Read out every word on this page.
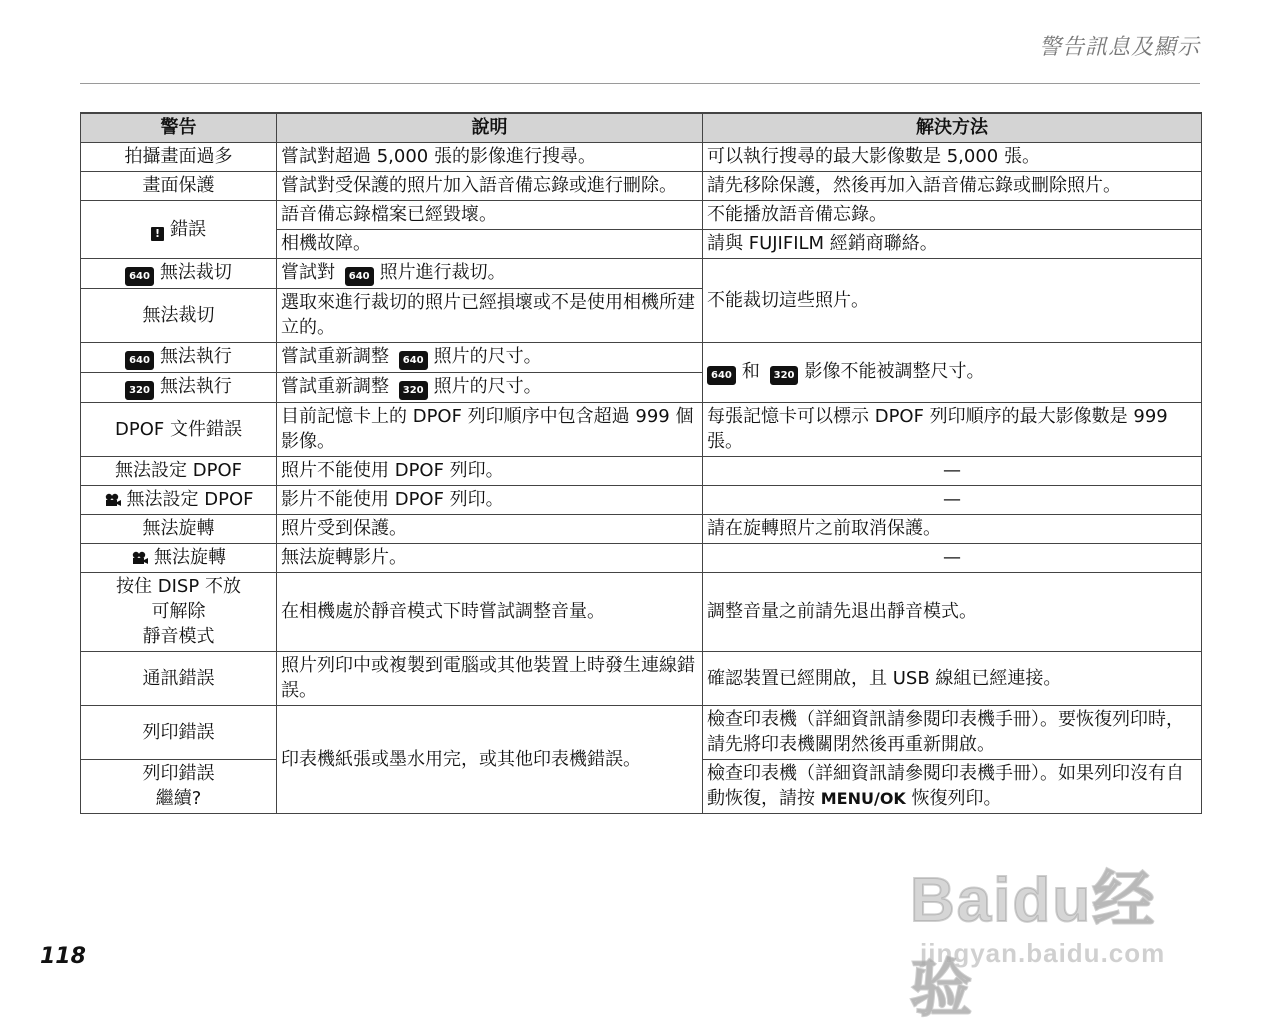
警告訊息及顯示
警告	說明	解決方法
拍攝畫面過多	嘗試對超過 5,000 張的影像進行搜尋。	可以執行搜尋的最大影像數是 5,000 張。
畫面保護	嘗試對受保護的照片加入語音備忘錄或進行刪除。	請先移除保護，然後再加入語音備忘錄或刪除照片。
! 錯誤	語音備忘錄檔案已經毀壞。	不能播放語音備忘錄。
	相機故障。	請與 FUJIFILM 經銷商聯絡。
640 無法裁切	嘗試對 640 照片進行裁切。	不能裁切這些照片。
無法裁切	選取來進行裁切的照片已經損壞或不是使用相機所建立的。	
640 無法執行	嘗試重新調整 640 照片的尺寸。	640 和 320 影像不能被調整尺寸。
320 無法執行	嘗試重新調整 320 照片的尺寸。	
DPOF 文件錯誤	目前記憶卡上的 DPOF 列印順序中包含超過 999 個影像。	每張記憶卡可以標示 DPOF 列印順序的最大影像數是 999 張。
無法設定 DPOF	照片不能使用 DPOF 列印。	—

無法設定 DPOF	影片不能使用 DPOF 列印。	—
無法旋轉	照片受到保護。	請在旋轉照片之前取消保護。

無法旋轉	無法旋轉影片。	—

按住 DISP 不放
可解除
靜音模式	在相機處於靜音模式下時嘗試調整音量。	調整音量之前請先退出靜音模式。
通訊錯誤	照片列印中或複製到電腦或其他裝置上時發生連線錯誤。	確認裝置已經開啟，且 USB 線組已經連接。
列印錯誤	印表機紙張或墨水用完，或其他印表機錯誤。	檢查印表機（詳細資訊請參閱印表機手冊）。要恢復列印時，請先將印表機關閉然後再重新開啟。

列印錯誤
繼續?		檢查印表機（詳細資訊請參閱印表機手冊）。如果列印沒有自動恢復，請按 MENU/OK 恢復列印。
118
Baidu经验
jingyan.baidu.com
